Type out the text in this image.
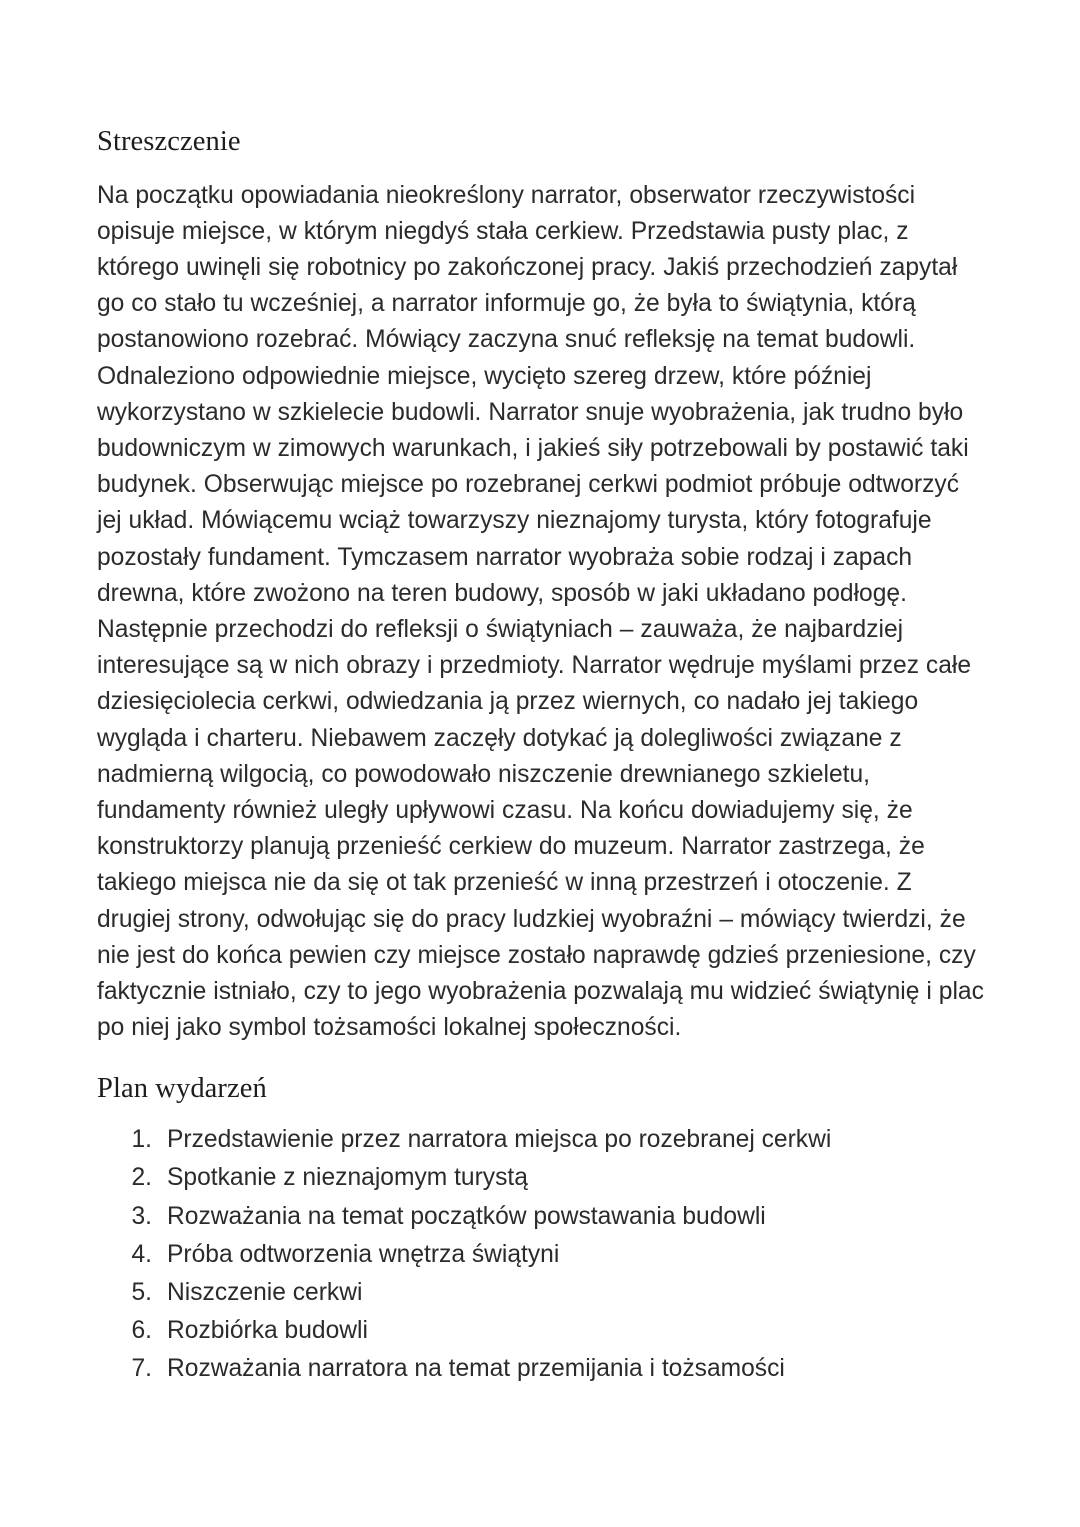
Streszczenie

Na początku opowiadania nieokreślony narrator, obserwator rzeczywistości opisuje miejsce, w którym niegdyś stała cerkiew. Przedstawia pusty plac, z którego uwinęli się robotnicy po zakończonej pracy. Jakiś przechodzień zapytał go co stało tu wcześniej, a narrator informuje go, że była to świątynia, którą postanowiono rozebrać. Mówiący zaczyna snuć refleksję na temat budowli. Odnaleziono odpowiednie miejsce, wycięto szereg drzew, które później wykorzystano w szkielecie budowli. Narrator snuje wyobrażenia, jak trudno było budowniczym w zimowych warunkach, i jakieś siły potrzebowali by postawić taki budynek. Obserwując miejsce po rozebranej cerkwi podmiot próbuje odtworzyć jej układ. Mówiącemu wciąż towarzyszy nieznajomy turysta, który fotografuje pozostały fundament. Tymczasem narrator wyobraża sobie rodzaj i zapach drewna, które zwożono na teren budowy, sposób w jaki układano podłogę. Następnie przechodzi do refleksji o świątyniach – zauważa, że najbardziej interesujące są w nich obrazy i przedmioty. Narrator wędruje myślami przez całe dziesięciolecia cerkwi, odwiedzania ją przez wiernych, co nadało jej takiego wyglądа i charteru. Niebawem zaczęły dotykać ją dolegliwości związane z nadmierną wilgocią, co powodowało niszczenie drewnianego szkieletu, fundamenty również uległy upływowi czasu. Na końcu dowiadujemy się, że konstruktorzy planują przenieść cerkiew do muzeum. Narrator zastrzega, że takiego miejsca nie da się ot tak przenieść w inną przestrzeń i otoczenie. Z drugiej strony, odwołując się do pracy ludzkiej wyobraźni – mówiący twierdzi, że nie jest do końca pewien czy miejsce zostało naprawdę gdzieś przeniesione, czy faktycznie istniało, czy to jego wyobrażenia pozwalają mu widzieć świątynię i plac po niej jako symbol tożsamości lokalnej społeczności.

Plan wydarzeń
Przedstawienie przez narratora miejsca po rozebranej cerkwi
Spotkanie z nieznajomym turystą
Rozważania na temat początków powstawania budowli
Próba odtworzenia wnętrza świątyni
Niszczenie cerkwi
Rozbiórka budowli
Rozważania narratora na temat przemijania i tożsamości
